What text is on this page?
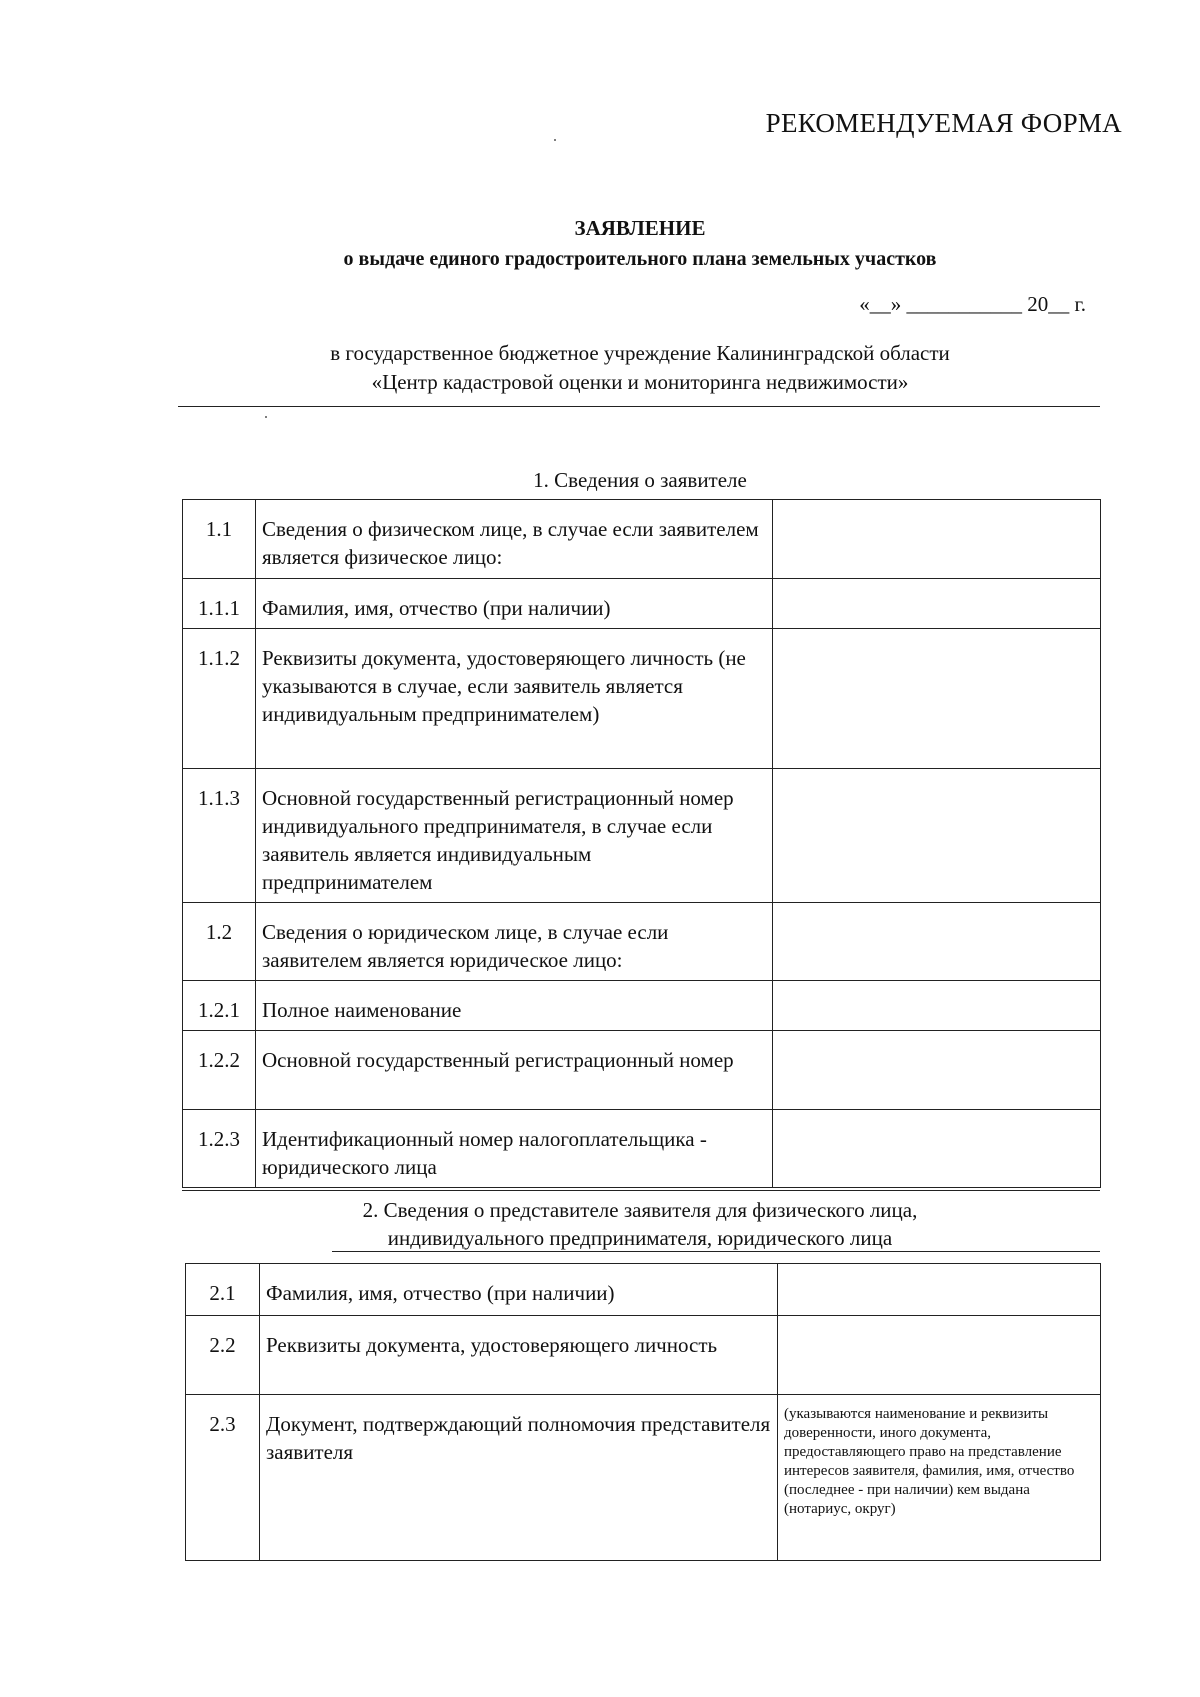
РЕКОМЕНДУЕМАЯ ФОРМА
ЗАЯВЛЕНИЕ
о выдаче единого градостроительного плана земельных участков
«__» ___________ 20__ г.
в государственное бюджетное учреждение Калининградской области
«Центр кадастровой оценки и мониторинга недвижимости»
1. Сведения о заявителе
1.1	Сведения о физическом лице, в случае если заявителем является физическое лицо:	
1.1.1	Фамилия, имя, отчество (при наличии)	
1.1.2	Реквизиты документа, удостоверяющего личность (не указываются в случае, если заявитель является индивидуальным предпринимателем)	
1.1.3	Основной государственный регистрационный номер индивидуального предпринимателя, в случае если заявитель является индивидуальным предпринимателем	
1.2	Сведения о юридическом лице, в случае если заявителем является юридическое лицо:	
1.2.1	Полное наименование	
1.2.2	Основной государственный регистрационный номер	
1.2.3	Идентификационный номер налогоплательщика - юридического лица	
2. Сведения о представителе заявителя для физического лица,
индивидуального предпринимателя, юридического лица
2.1	Фамилия, имя, отчество (при наличии)	
2.2	Реквизиты документа, удостоверяющего личность	
2.3	Документ, подтверждающий полномочия представителя заявителя	(указываются наименование и реквизиты доверенности, иного документа, предоставляющего право на представление интересов заявителя, фамилия, имя, отчество (последнее - при наличии) кем выдана (нотариус, округ)
